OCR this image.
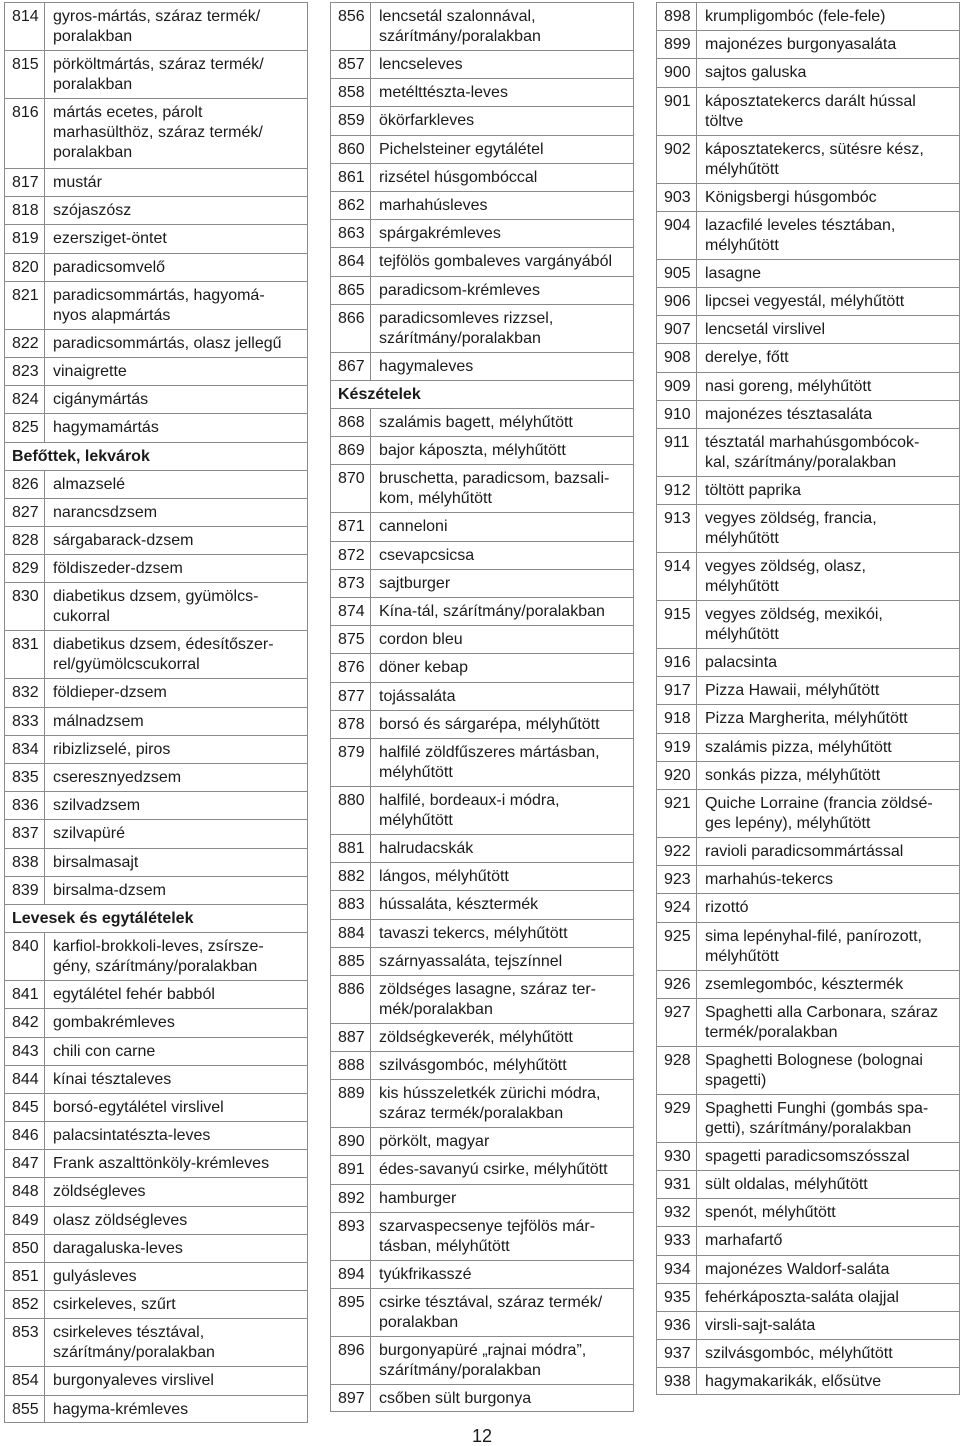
814 gyros-mártás, száraz termék/
poralakban
815 pörköltmártás, száraz termék/
poralakban
816 mártás ecetes, párolt
marhasülthöz, száraz termék/
poralakban
817 mustár
818 szójaszósz
819 ezersziget-öntet
820 paradicsomvelő
821 paradicsommártás, hagyomá-
nyos alapmártás
822 paradicsommártás, olasz jellegű
823 vinaigrette
824 cigánymártás
825 hagymamártás
Befőttek, lekvárok
826 almazselé
827 narancsdzsem
828 sárgabarack-dzsem
829 földiszeder-dzsem
830 diabetikus dzsem, gyümölcs-
cukorral
831 diabetikus dzsem, édesítőszer-
rel/gyümölcscukorral
832 földieper-dzsem
833 málnadzsem
834 ribizlizselé, piros
835 cseresznyedzsem
836 szilvadzsem
837 szilvapüré
838 birsalmasajt
839 birsalma-dzsem
Levesek és egytálételek
840 karfiol-brokkoli-leves, zsírsze-
gény, szárítmány/poralakban
841 egytálétel fehér babból
842 gombakrémleves
843 chili con carne
844 kínai tésztaleves
845 borsó-egytálétel virslivel
846 palacsintatészta-leves
847 Frank aszalttönköly-krémleves
848 zöldségleves
849 olasz zöldségleves
850 daragaluska-leves
851 gulyásleves
852 csirkeleves, szűrt
853 csirkeleves tésztával,
szárítmány/poralakban
854 burgonyaleves virslivel
855 hagyma-krémleves
856 lencsetál szalonnával,
szárítmány/poralakban
857 lencseleves
858 metélttészta-leves
859 ökörfarkleves
860 Pichelsteiner egytálétel
861 rizsétel húsgombóccal
862 marhahúsleves
863 spárgakrémleves
864 tejfölös gombaleves vargányából
865 paradicsom-krémleves
866 paradicsomleves rizzsel,
szárítmány/poralakban
867 hagymaleves
Készételek
868 szalámis bagett, mélyhűtött
869 bajor káposzta, mélyhűtött
870 bruschetta, paradicsom, bazsali-
kom, mélyhűtött
871 canneloni
872 csevapcsicsa
873 sajtburger
874 Kína-tál, szárítmány/poralakban
875 cordon bleu
876 döner kebap
877 tojássaláta
878 borsó és sárgarépa, mélyhűtött
879 halfilé zöldfűszeres mártásban,
mélyhűtött
880 halfilé, bordeaux-i módra,
mélyhűtött
881 halrudacskák
882 lángos, mélyhűtött
883 hússaláta, késztermék
884 tavaszi tekercs, mélyhűtött
885 szárnyassaláta, tejszínnel
886 zöldséges lasagne, száraz ter-
mék/poralakban
887 zöldségkeverék, mélyhűtött
888 szilvásgombóc, mélyhűtött
889 kis hússzeletkék zürichi módra,
száraz termék/poralakban
890 pörkölt, magyar
891 édes-savanyú csirke, mélyhűtött
892 hamburger
893 szarvaspecsenye tejfölös már-
tásban, mélyhűtött
894 tyúkfrikasszé
895 csirke tésztával, száraz termék/
poralakban
896 burgonyapüré „rajnai módra”,
szárítmány/poralakban
897 csőben sült burgonya
898 krumpligombóc (fele-fele)
899 majonézes burgonyasaláta
900 sajtos galuska
901 káposztatekercs darált hússal
töltve
902 káposztatekercs, sütésre kész,
mélyhűtött
903 Königsbergi húsgombóc
904 lazacfilé leveles tésztában,
mélyhűtött
905 lasagne
906 lipcsei vegyestál, mélyhűtött
907 lencsetál virslivel
908 derelye, főtt
909 nasi goreng, mélyhűtött
910 majonézes tésztasaláta
911 tésztatál marhahúsgombócok-
kal, szárítmány/poralakban
912 töltött paprika
913 vegyes zöldség, francia,
mélyhűtött
914 vegyes zöldség, olasz,
mélyhűtött
915 vegyes zöldség, mexikói,
mélyhűtött
916 palacsinta
917 Pizza Hawaii, mélyhűtött
918 Pizza Margherita, mélyhűtött
919 szalámis pizza, mélyhűtött
920 sonkás pizza, mélyhűtött
921 Quiche Lorraine (francia zöldsé-
ges lepény), mélyhűtött
922 ravioli paradicsommártással
923 marhahús-tekercs
924 rizottó
925 sima lepényhal-filé, panírozott,
mélyhűtött
926 zsemlegombóc, késztermék
927 Spaghetti alla Carbonara, száraz
termék/poralakban
928 Spaghetti Bolognese (bolognai
spagetti)
929 Spaghetti Funghi (gombás spa-
getti), szárítmány/poralakban
930 spagetti paradicsomszósszal
931 sült oldalas, mélyhűtött
932 spenót, mélyhűtött
933 marhafartő
934 majonézes Waldorf-saláta
935 fehérkáposzta-saláta olajjal
936 virsli-sajt-saláta
937 szilvásgombóc, mélyhűtött
938 hagymakarikák, elősütve
12
